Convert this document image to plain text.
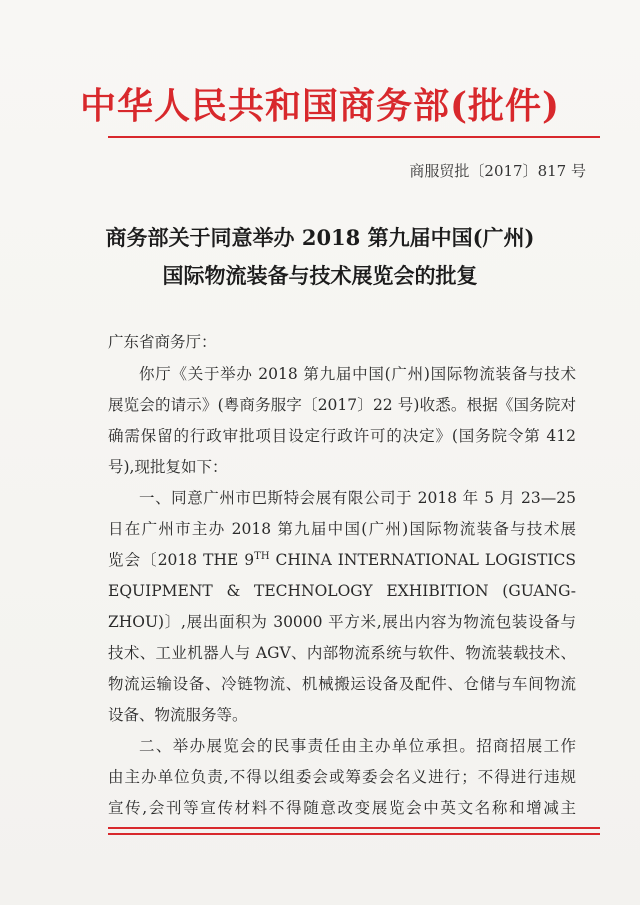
中华人民共和国商务部(批件)
商服贸批〔2017〕817 号
商务部关于同意举办 2018 第九届中国(广州)
国际物流装备与技术展览会的批复
广东省商务厅：
你厅《关于举办 2018 第九届中国(广州)国际物流装备与技术
展览会的请示》(粤商务服字〔2017〕22 号)收悉。根据《国务院对
确需保留的行政审批项目设定行政许可的决定》(国务院令第 412
号),现批复如下：
一、同意广州市巴斯特会展有限公司于 2018 年 5 月 23—25
日在广州市主办 2018 第九届中国(广州)国际物流装备与技术展
览会〔2018 THE 9TH CHINA INTERNATIONAL LOGISTICS
EQUIPMENT & TECHNOLOGY EXHIBITION (GUANG-
ZHOU)〕,展出面积为 30000 平方米,展出内容为物流包装设备与
技术、工业机器人与 AGV、内部物流系统与软件、物流装载技术、
物流运输设备、冷链物流、机械搬运设备及配件、仓储与车间物流
设备、物流服务等。
二、举办展览会的民事责任由主办单位承担。招商招展工作
由主办单位负责,不得以组委会或筹委会名义进行；不得进行违规
宣传,会刊等宣传材料不得随意改变展览会中英文名称和增减主
